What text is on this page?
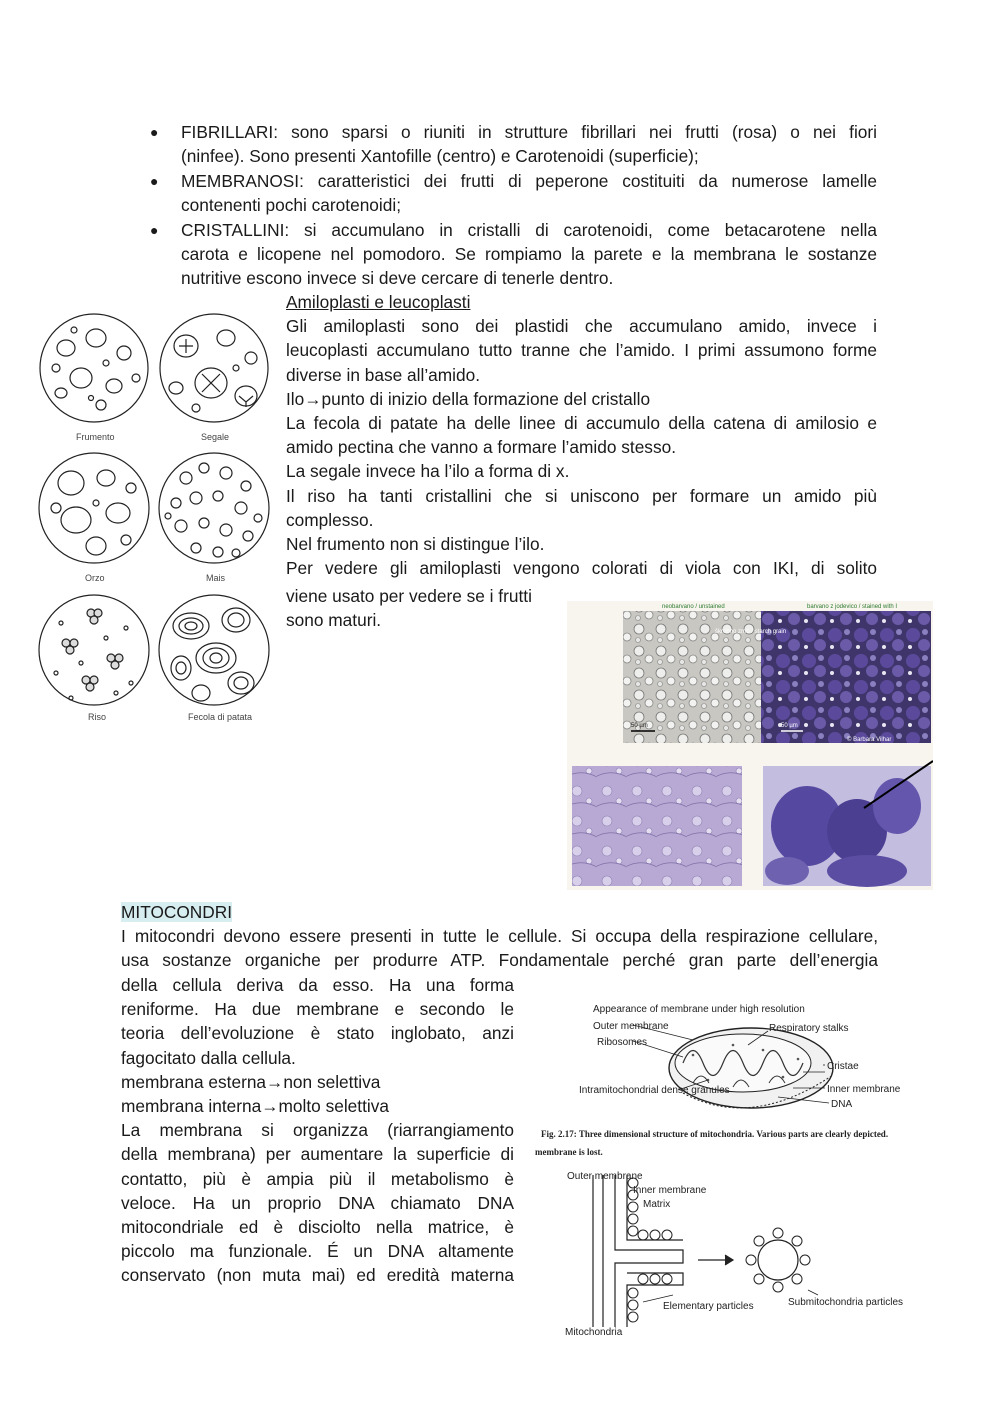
● FIBRILLARI: sono sparsi o riuniti in strutture fibrillari nei frutti (rosa) o nei fiori
(ninfee). Sono presenti Xantofille (centro) e Carotenoidi (superficie);
● MEMBRANOSI: caratteristici dei frutti di peperone costituiti da numerose lamelle
contenenti pochi carotenoidi;
● CRISTALLINI: si accumulano in cristalli di carotenoidi, come betacarotene nella
carota e licopene nel pomodoro. Se rompiamo la parete e la membrana le sostanze
nutritive escono invece si deve cercare di tenerle dentro.
Frumento	Segale
Orzo	Mais
Riso	Fecola di patata
Amiloplasti e leucoplasti
Gli amiloplasti sono dei plastidi che accumulano amido, invece i
leucoplasti accumulano tutto tranne che l’amido. I primi assumono forme
diverse in base all’amido.
Ilo→punto di inizio della formazione del cristallo
La fecola di patate ha delle linee di accumulo della catena di amilosio e
amido pectina che vanno a formare l’amido stesso.
La segale invece ha l’ilo a forma di x.
Il riso ha tanti cristallini che si uniscono per formare un amido più
complesso.
Nel frumento non si distingue l’ilo.
Per vedere gli amiloplasti vengono colorati di viola con IKI, di solito
viene usato per vedere se i frutti
sono maturi.
neobarvano / unstained	barvano z jodevico / stained with I
škrobno zrno / starch grain
50 µm	50 µm
© Barbara Vilhar
MITOCONDRI
I mitocondri devono essere presenti in tutte le cellule. Si occupa della respirazione cellulare,
usa sostanze organiche per produrre ATP. Fondamentale perché gran parte dell’energia
della cellula deriva da esso. Ha una forma
reniforme. Ha due membrane e secondo le
teoria dell’evoluzione è stato inglobato, anzi
fagocitato dalla cellula.
membrana esterna→non selettiva
membrana interna→molto selettiva
La membrana si organizza (riarrangiamento
della membrana) per aumentare la superficie di
contatto, più è ampia più il metabolismo è
veloce. Ha un proprio DNA chiamato DNA
mitocondriale ed è disciolto nella matrice, è
piccolo ma funzionale. É un DNA altamente
conservato (non muta mai) ed eredità materna
Appearance of membrane under high resolution
Outer membrane
Ribosomes
Intramitochondrial dense granules
Respiratory stalks
Cristae
Inner membrane
DNA
Fig. 2.17: Three dimensional structure of mitochondria. Various parts are clearly depicted.
membrane is lost.
Outer membrane
Inner membrane
Matrix
Elementary particles	Submitochondria particles
Mitochondria
